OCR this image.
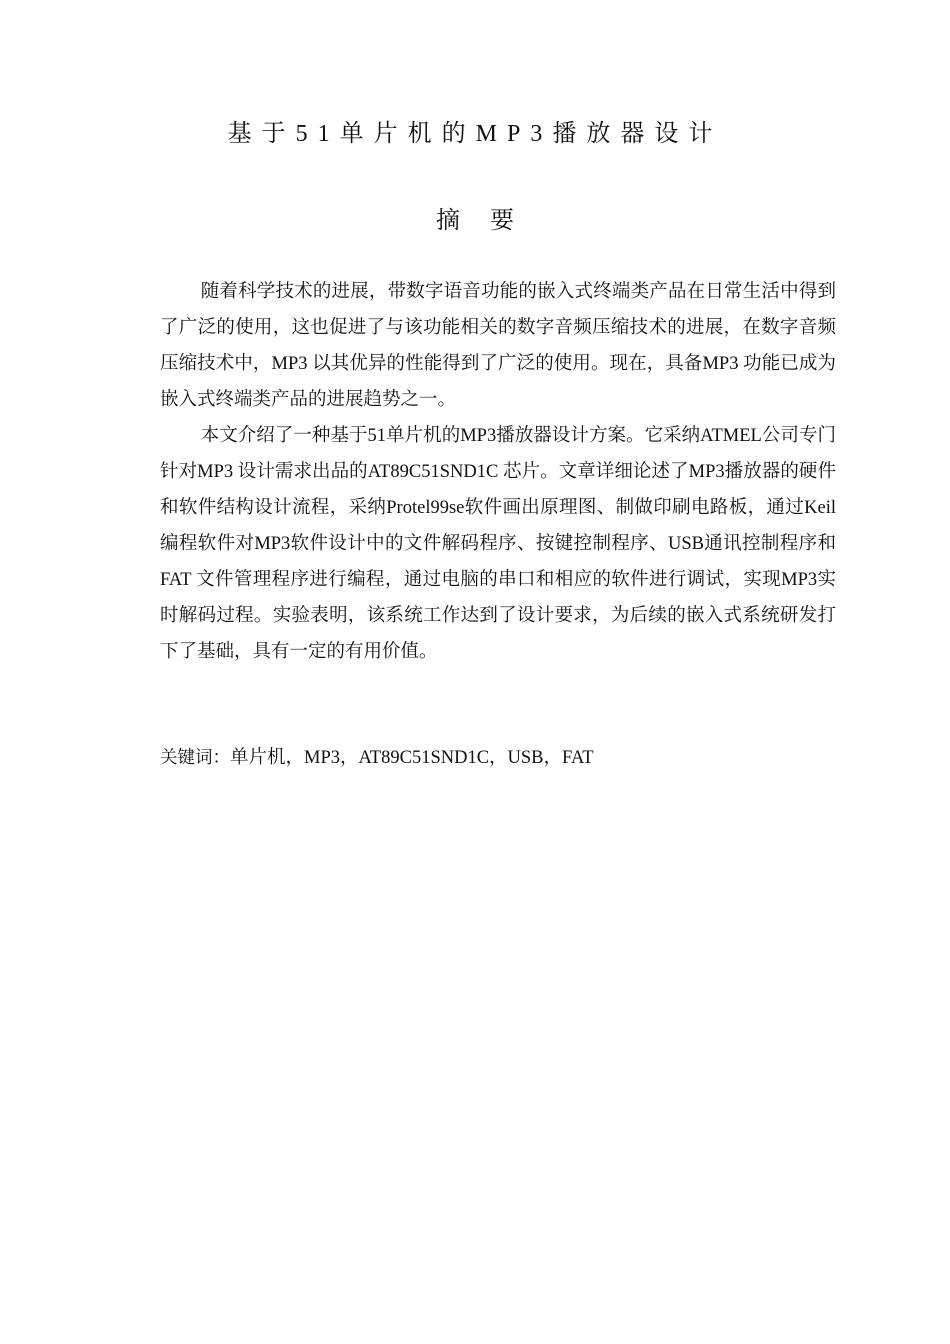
基于51单片机的MP3播放器设计
摘要

随着科学技术的进展，带数字语音功能的嵌入式终端类产品在日常生活中得到了广泛的使用，这也促进了与该功能相关的数字音频压缩技术的进展，在数字音频压缩技术中，MP3 以其优异的性能得到了广泛的使用。现在，具备MP3 功能已成为嵌入式终端类产品的进展趋势之一。

本文介绍了一种基于51单片机的MP3播放器设计方案。它采纳ATMEL公司专门针对MP3 设计需求出品的AT89C51SND1C 芯片。文章详细论述了MP3播放器的硬件和软件结构设计流程，采纳Protel99se软件画出原理图、制做印刷电路板，通过Keil 编程软件对MP3软件设计中的文件解码程序、按键控制程序、USB通讯控制程序和FAT 文件管理程序进行编程，通过电脑的串口和相应的软件进行调试，实现MP3实时解码过程。实验表明，该系统工作达到了设计要求，为后续的嵌入式系统研发打下了基础，具有一定的有用价值。

关键词：单片机，MP3，AT89C51SND1C，USB，FAT
